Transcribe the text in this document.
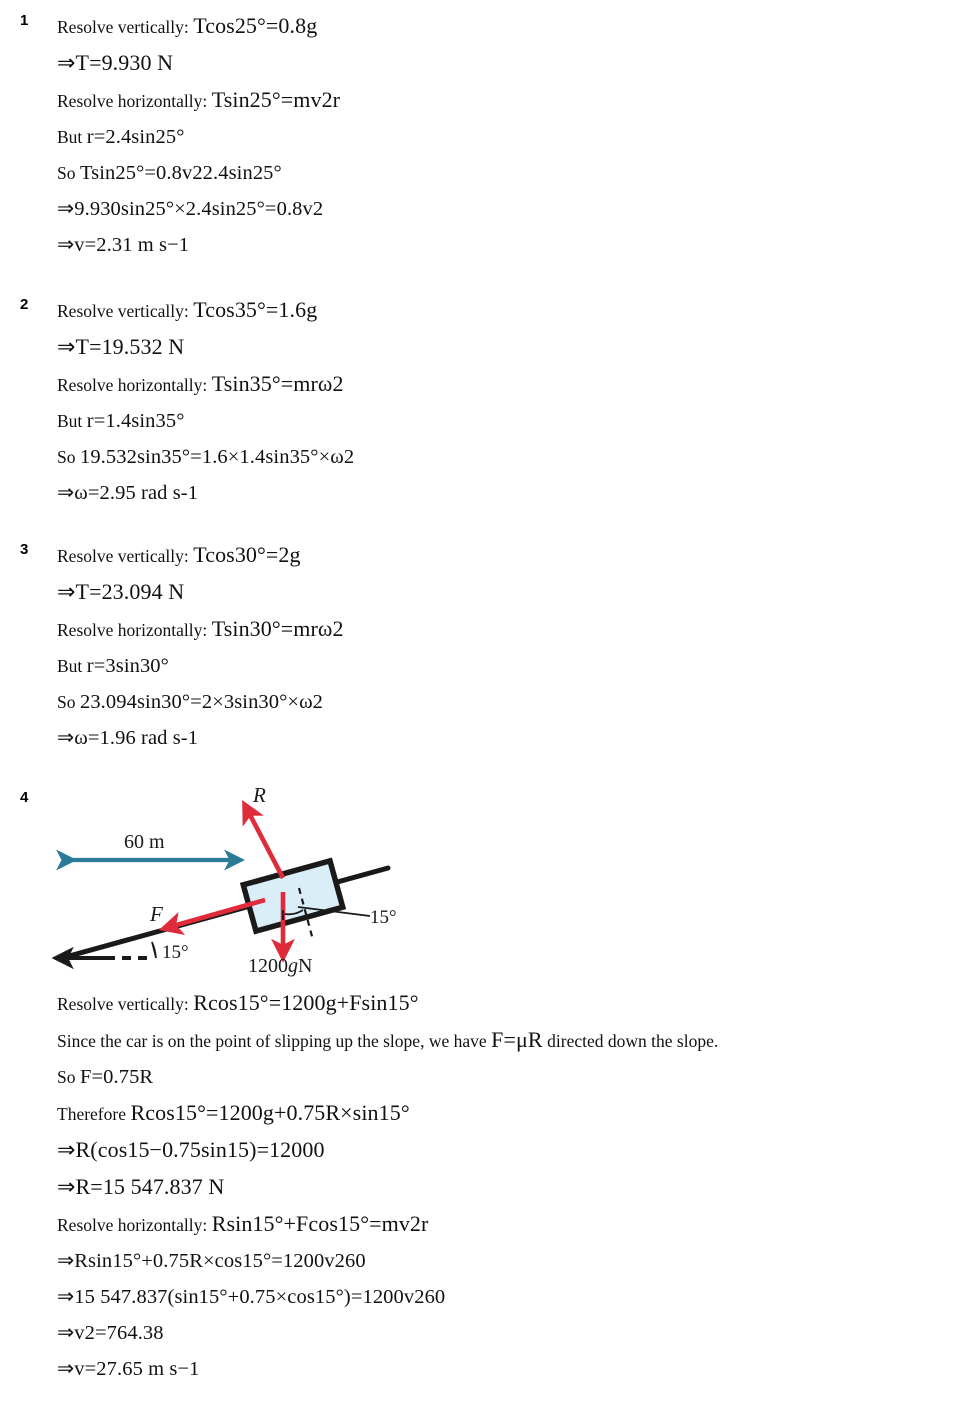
1 Resolve vertically: Tcos25°=0.8g
⇒T=9.930 N
Resolve horizontally: Tsin25°=mv2r
But r=2.4sin25°
So Tsin25°=0.8v22.4sin25°
⇒9.930sin25°×2.4sin25°=0.8v2
⇒v=2.31 m s−1
2 Resolve vertically: Tcos35°=1.6g
⇒T=19.532 N
Resolve horizontally: Tsin35°=mrω2
But r=1.4sin35°
So 19.532sin35°=1.6×1.4sin35°×ω2
⇒ω=2.95 rad s-1
3 Resolve vertically: Tcos30°=2g
⇒T=23.094 N
Resolve horizontally: Tsin30°=mrω2
But r=3sin30°
So 23.094sin30°=2×3sin30°×ω2
⇒ω=1.96 rad s-1
4
15°
R
F
1200gN
15°
60 m
Resolve vertically: Rcos15°=1200g+Fsin15°
Since the car is on the point of slipping up the slope, we have F=μR directed down the slope.
So F=0.75R
Therefore Rcos15°=1200g+0.75R×sin15°
⇒R(cos15−0.75sin15)=12000
⇒R=15 547.837 N
Resolve horizontally: Rsin15°+Fcos15°=mv2r
⇒Rsin15°+0.75R×cos15°=1200v260
⇒15 547.837(sin15°+0.75×cos15°)=1200v260
⇒v2=764.38
⇒v=27.65 m s−1
